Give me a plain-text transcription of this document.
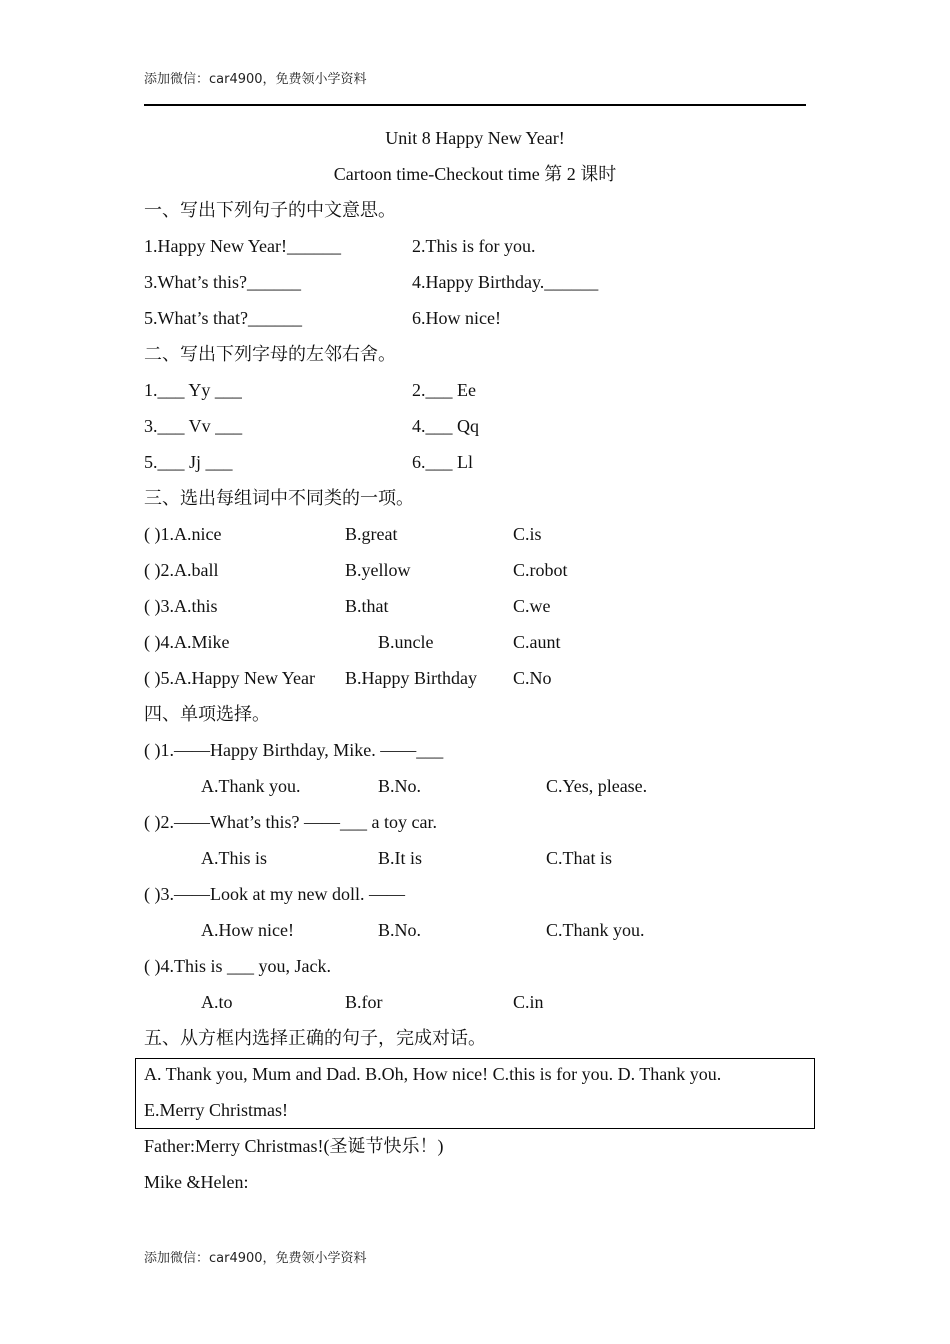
添加微信：car4900，免费领小学资料
Unit 8 Happy New Year!
Cartoon time-Checkout time 第 2 课时
一、写出下列句子的中文意思。
1.Happy New Year!______	2.This is for you.
3.What’s this?______	4.Happy Birthday.______
5.What’s that?______	6.How nice!
二、写出下列字母的左邻右舍。
1.___ Yy ___	2.___ Ee
3.___ Vv ___	4.___ Qq
5.___ Jj ___	6.___ Ll
三、选出每组词中不同类的一项。
( )1.A.nice	B.great	C.is
( )2.A.ball	B.yellow	C.robot
( )3.A.this	B.that	C.we
( )4.A.Mike	B.uncle	C.aunt
( )5.A.Happy New Year B.Happy Birthday C.No
四、单项选择。
( )1.——Happy Birthday, Mike. ——___
A.Thank you.	B.No.	C.Yes, please.
( )2.——What’s this? ——___ a toy car.
A.This is	B.It is	C.That is
( )3.——Look at my new doll. ——
A.How nice!	B.No.	C.Thank you.
( )4.This is ___ you, Jack.
A.to	B.for	C.in
五、从方框内选择正确的句子，完成对话。
A. Thank you, Mum and Dad. B.Oh, How nice! C.this is for you. D. Thank you.
E.Merry Christmas!
Father:Merry Christmas!(圣诞节快乐！)
Mike &Helen:
添加微信：car4900，免费领小学资料
